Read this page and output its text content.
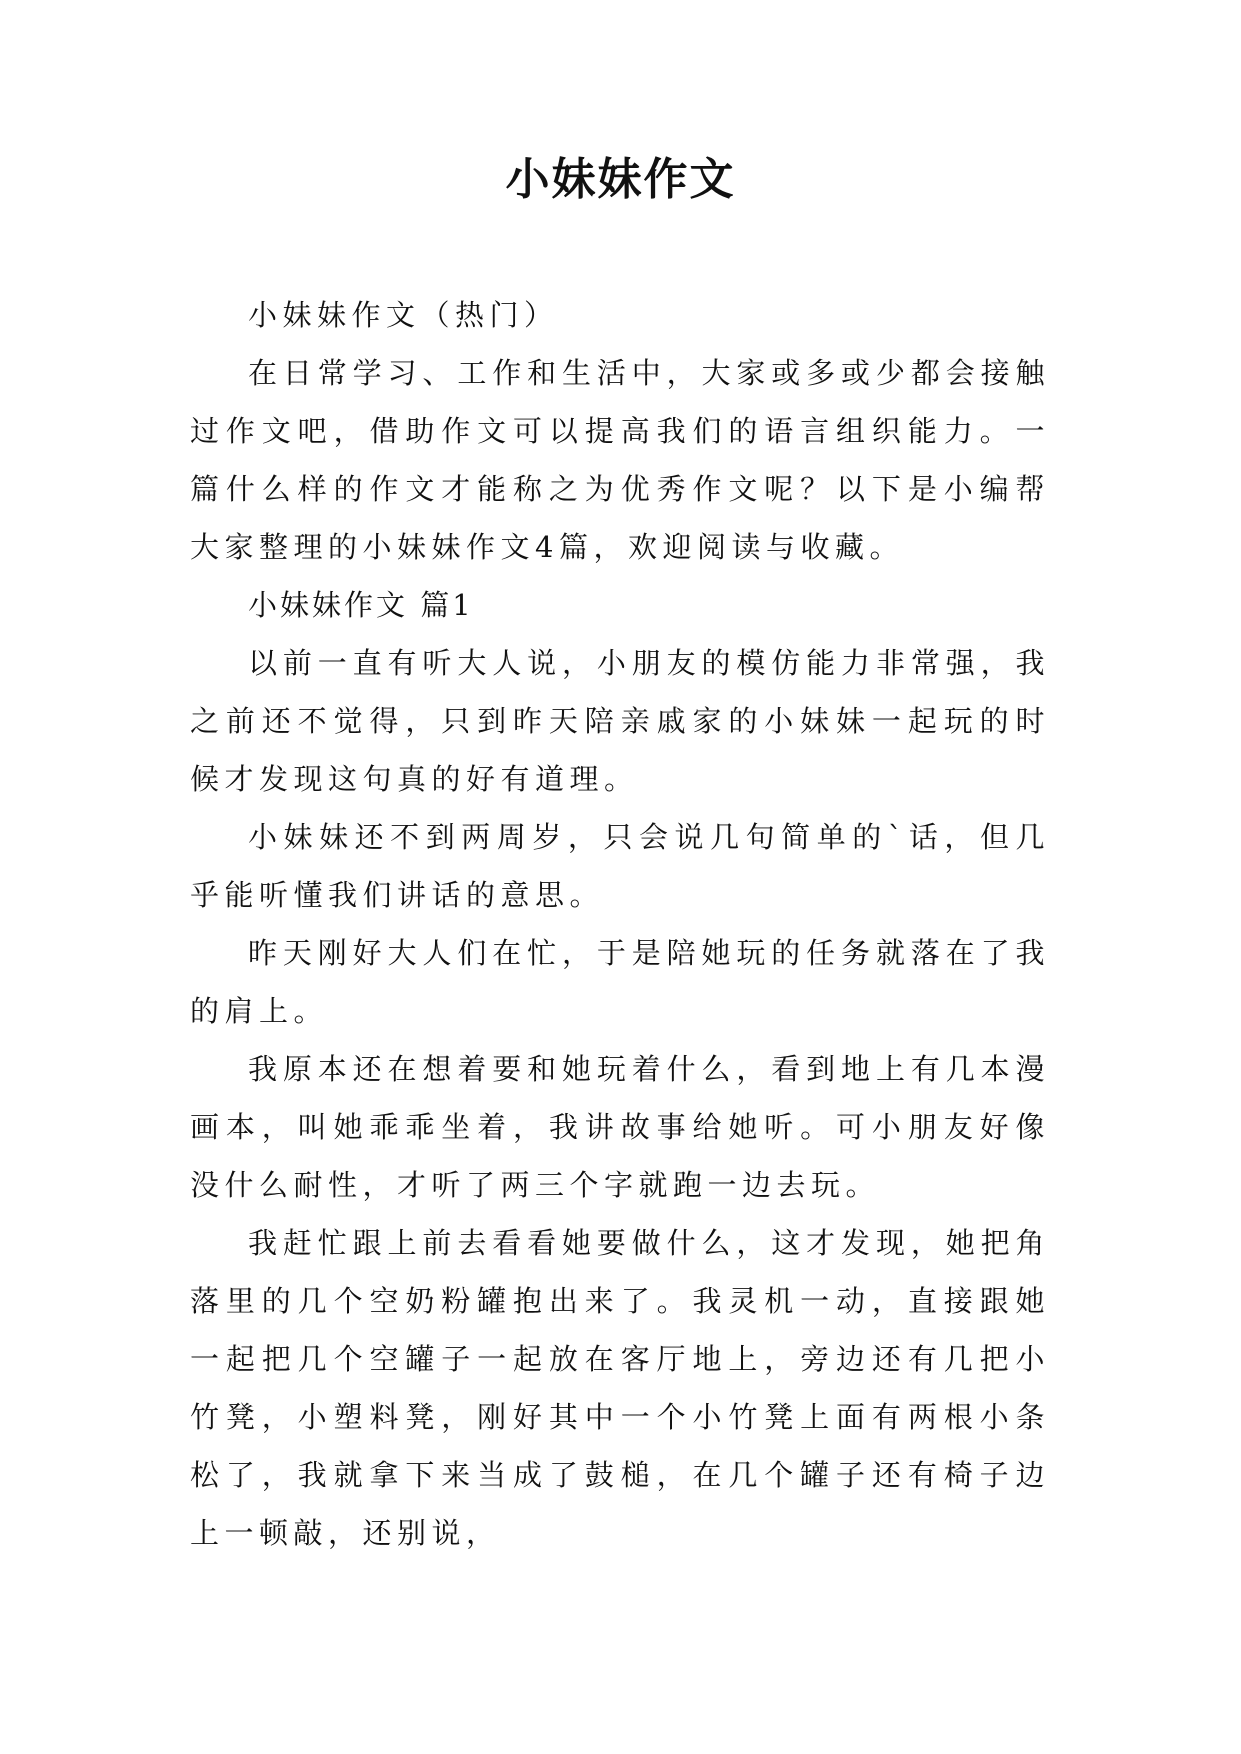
小妹妹作文

小妹妹作文（热门）

在日常学习、工作和生活中，大家或多或少都会接触过作文吧，借助作文可以提高我们的语言组织能力。一篇什么样的作文才能称之为优秀作文呢？以下是小编帮大家整理的小妹妹作文4篇，欢迎阅读与收藏。

小妹妹作文 篇1

以前一直有听大人说，小朋友的模仿能力非常强，我之前还不觉得，只到昨天陪亲戚家的小妹妹一起玩的时候才发现这句真的好有道理。

小妹妹还不到两周岁，只会说几句简单的`话，但几乎能听懂我们讲话的意思。

昨天刚好大人们在忙，于是陪她玩的任务就落在了我的肩上。

我原本还在想着要和她玩着什么，看到地上有几本漫画本，叫她乖乖坐着，我讲故事给她听。可小朋友好像没什么耐性，才听了两三个字就跑一边去玩。

我赶忙跟上前去看看她要做什么，这才发现，她把角落里的几个空奶粉罐抱出来了。我灵机一动，直接跟她一起把几个空罐子一起放在客厅地上，旁边还有几把小竹凳，小塑料凳，刚好其中一个小竹凳上面有两根小条松了，我就拿下来当成了鼓槌，在几个罐子还有椅子边上一顿敲，还别说，
